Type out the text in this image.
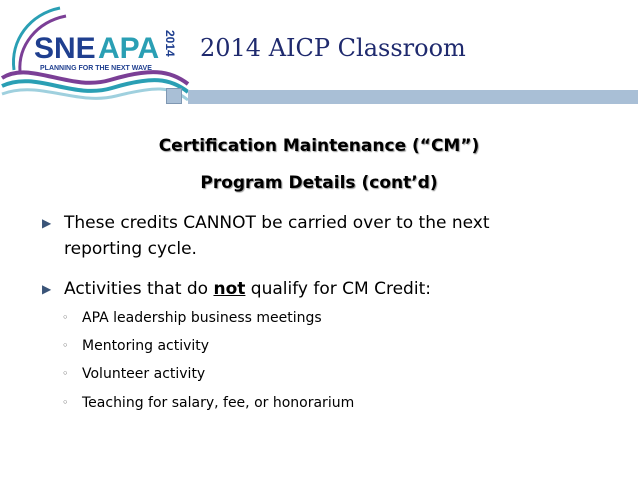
SNE APA 2014
PLANNING FOR THE NEXT WAVE
2014 AICP Classroom
Certification Maintenance (“CM”)
Program Details (cont’d)
▶ These credits CANNOT be carried over to the next
reporting cycle.
▶ Activities that do not qualify for CM Credit:
◦ APA leadership business meetings
◦ Mentoring activity
◦ Volunteer activity
◦ Teaching for salary, fee, or honorarium
